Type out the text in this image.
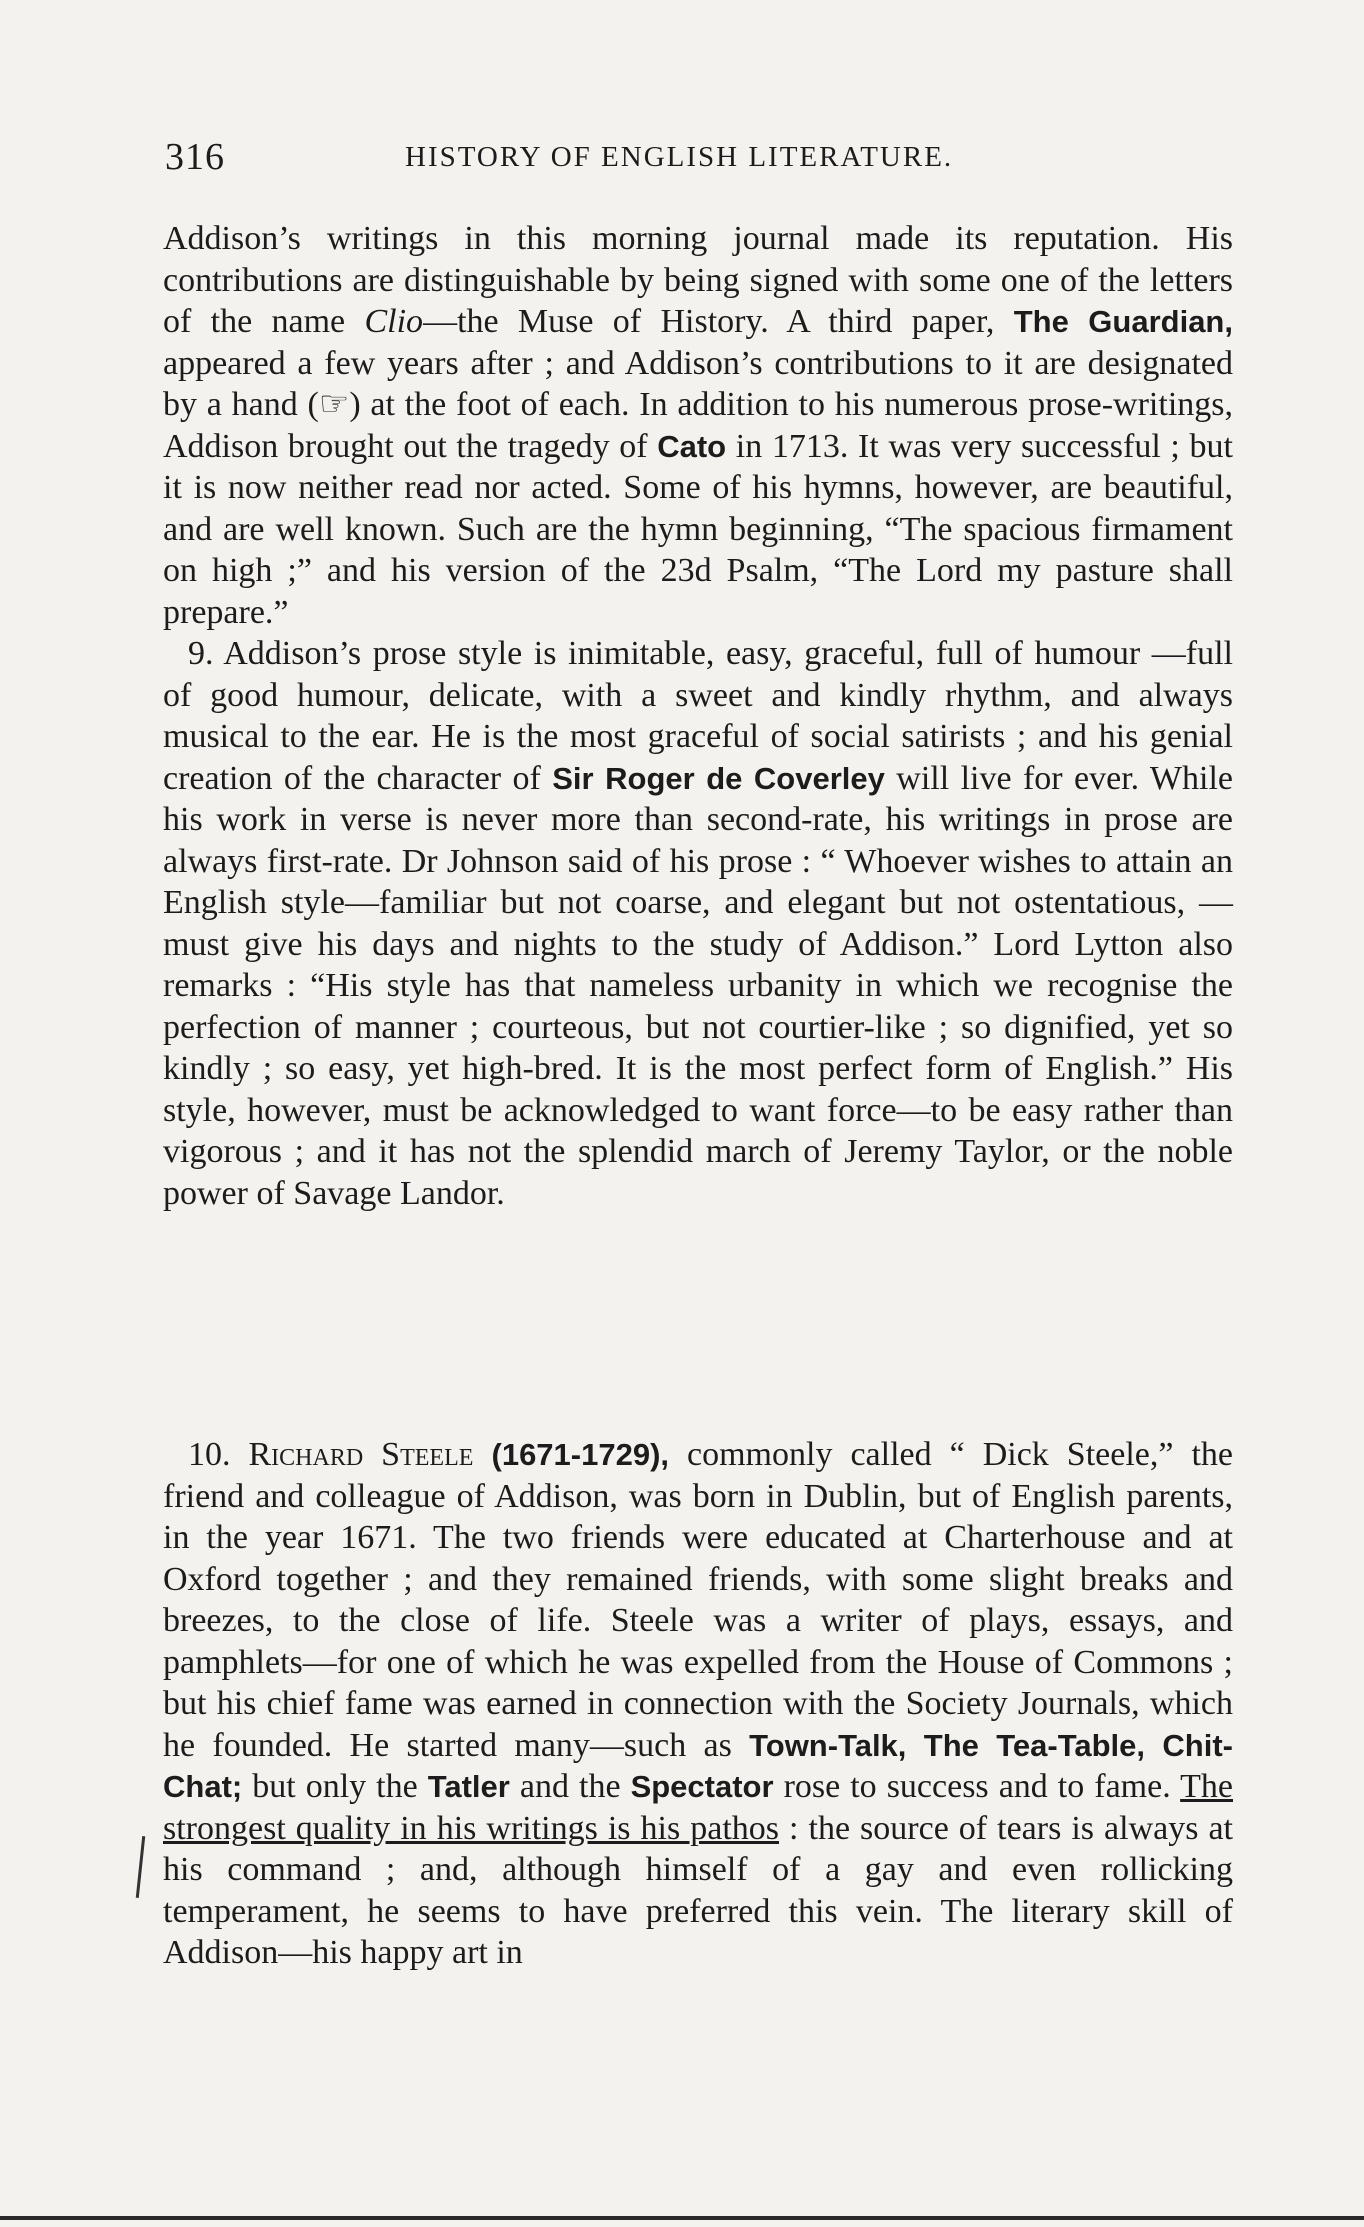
316	HISTORY OF ENGLISH LITERATURE.

Addison’s writings in this morning journal made its reputation. His contributions are distinguishable by being signed with some one of the letters of the name Clio—the Muse of History. A third paper, The Guardian, appeared a few years after ; and Addison’s contributions to it are designated by a hand (☞) at the foot of each. In addition to his numerous prose-writings, Addison brought out the tragedy of Cato in 1713. It was very successful ; but it is now neither read nor acted. Some of his hymns, however, are beautiful, and are well known. Such are the hymn beginning, “The spacious firmament on high ;” and his version of the 23d Psalm, “The Lord my pasture shall prepare.”

9. Addison’s prose style is inimitable, easy, graceful, full of humour —full of good humour, delicate, with a sweet and kindly rhythm, and always musical to the ear. He is the most graceful of social satirists ; and his genial creation of the character of Sir Roger de Coverley will live for ever. While his work in verse is never more than second-rate, his writings in prose are always first-rate. Dr Johnson said of his prose : “ Whoever wishes to attain an English style—familiar but not coarse, and elegant but not ostentatious, —must give his days and nights to the study of Addison.” Lord Lytton also remarks : “His style has that nameless urbanity in which we recognise the perfection of manner ; courteous, but not courtier-like ; so dignified, yet so kindly ; so easy, yet high-bred. It is the most perfect form of English.” His style, however, must be acknowledged to want force—to be easy rather than vigorous ; and it has not the splendid march of Jeremy Taylor, or the noble power of Savage Landor.

10. Richard Steele (1671-1729), commonly called “ Dick Steele,” the friend and colleague of Addison, was born in Dublin, but of English parents, in the year 1671. The two friends were educated at Charterhouse and at Oxford together ; and they remained friends, with some slight breaks and breezes, to the close of life. Steele was a writer of plays, essays, and pamphlets—for one of which he was expelled from the House of Commons ; but his chief fame was earned in connection with the Society Journals, which he founded. He started many—such as Town-Talk, The Tea-Table, Chit-Chat; but only the Tatler and the Spectator rose to success and to fame. The strongest quality in his writings is his pathos : the source of tears is always at his command ; and, although himself of a gay and even rollicking temperament, he seems to have preferred this vein. The literary skill of Addison—his happy art in
